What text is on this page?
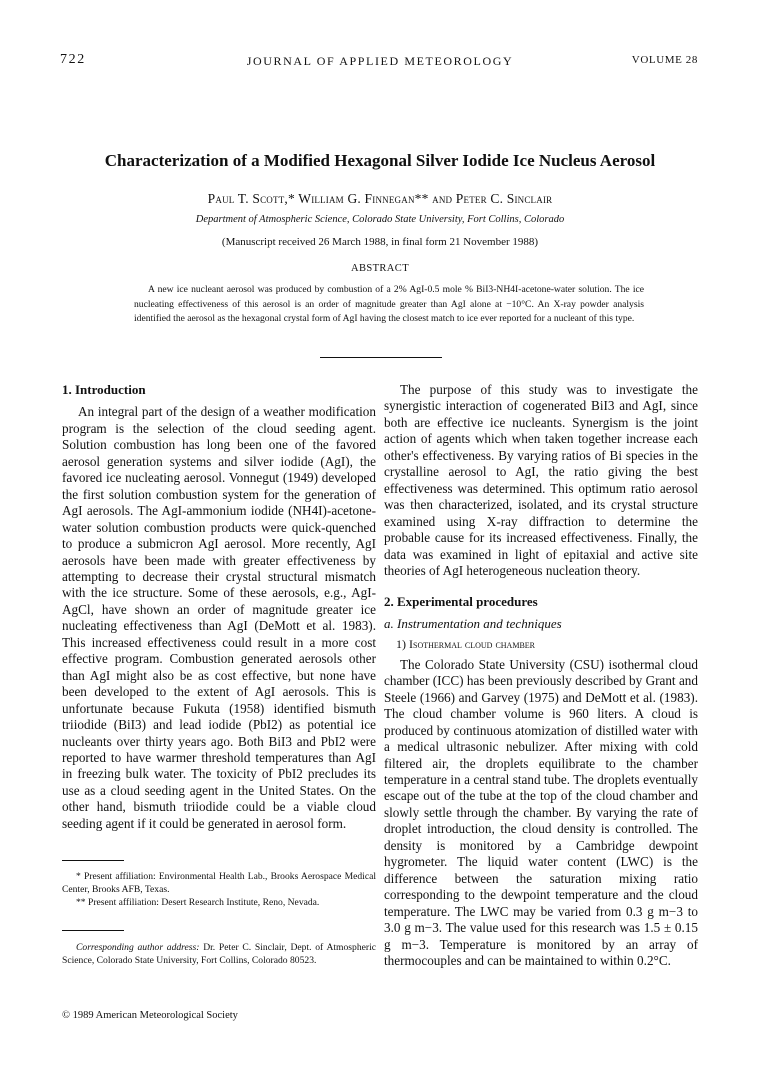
722	JOURNAL OF APPLIED METEOROLOGY	VOLUME 28
Characterization of a Modified Hexagonal Silver Iodide Ice Nucleus Aerosol
Paul T. Scott,* William G. Finnegan** and Peter C. Sinclair
Department of Atmospheric Science, Colorado State University, Fort Collins, Colorado
(Manuscript received 26 March 1988, in final form 21 November 1988)
ABSTRACT
A new ice nucleant aerosol was produced by combustion of a 2% AgI-0.5 mole % BiI3-NH4I-acetone-water solution. The ice nucleating effectiveness of this aerosol is an order of magnitude greater than AgI alone at −10°C. An X-ray powder analysis identified the aerosol as the hexagonal crystal form of AgI having the closest match to ice ever reported for a nucleant of this type.
1. Introduction

An integral part of the design of a weather modification program is the selection of the cloud seeding agent. Solution combustion has long been one of the favored aerosol generation systems and silver iodide (AgI), the favored ice nucleating aerosol. Vonnegut (1949) developed the first solution combustion system for the generation of AgI aerosols. The AgI-ammonium iodide (NH4I)-acetone-water solution combustion products were quick-quenched to produce a submicron AgI aerosol. More recently, AgI aerosols have been made with greater effectiveness by attempting to decrease their crystal structural mismatch with the ice structure. Some of these aerosols, e.g., AgI-AgCl, have shown an order of magnitude greater ice nucleating effectiveness than AgI (DeMott et al. 1983). This increased effectiveness could result in a more cost effective program. Combustion generated aerosols other than AgI might also be as cost effective, but none have been developed to the extent of AgI aerosols. This is unfortunate because Fukuta (1958) identified bismuth triiodide (BiI3) and lead iodide (PbI2) as potential ice nucleants over thirty years ago. Both BiI3 and PbI2 were reported to have warmer threshold temperatures than AgI in freezing bulk water. The toxicity of PbI2 precludes its use as a cloud seeding agent in the United States. On the other hand, bismuth triiodide could be a viable cloud seeding agent if it could be generated in aerosol form.

* Present affiliation: Environmental Health Lab., Brooks Aerospace Medical Center, Brooks AFB, Texas.

** Present affiliation: Desert Research Institute, Reno, Nevada.

Corresponding author address: Dr. Peter C. Sinclair, Dept. of Atmospheric Science, Colorado State University, Fort Collins, Colorado 80523.
© 1989 American Meteorological Society

The purpose of this study was to investigate the synergistic interaction of cogenerated BiI3 and AgI, since both are effective ice nucleants. Synergism is the joint action of agents which when taken together increase each other's effectiveness. By varying ratios of Bi species in the crystalline aerosol to AgI, the ratio giving the best effectiveness was determined. This optimum ratio aerosol was then characterized, isolated, and its crystal structure examined using X-ray diffraction to determine the probable cause for its increased effectiveness. Finally, the data was examined in light of epitaxial and active site theories of AgI heterogeneous nucleation theory.

2. Experimental procedures
a. Instrumentation and techniques
1) Isothermal cloud chamber

The Colorado State University (CSU) isothermal cloud chamber (ICC) has been previously described by Grant and Steele (1966) and Garvey (1975) and DeMott et al. (1983). The cloud chamber volume is 960 liters. A cloud is produced by continuous atomization of distilled water with a medical ultrasonic nebulizer. After mixing with cold filtered air, the droplets equilibrate to the chamber temperature in a central stand tube. The droplets eventually escape out of the tube at the top of the cloud chamber and slowly settle through the chamber. By varying the rate of droplet introduction, the cloud density is controlled. The density is monitored by a Cambridge dewpoint hygrometer. The liquid water content (LWC) is the difference between the saturation mixing ratio corresponding to the dewpoint temperature and the cloud temperature. The LWC may be varied from 0.3 g m−3 to 3.0 g m−3. The value used for this research was 1.5 ± 0.15 g m−3. Temperature is monitored by an array of thermocouples and can be maintained to within 0.2°C.
